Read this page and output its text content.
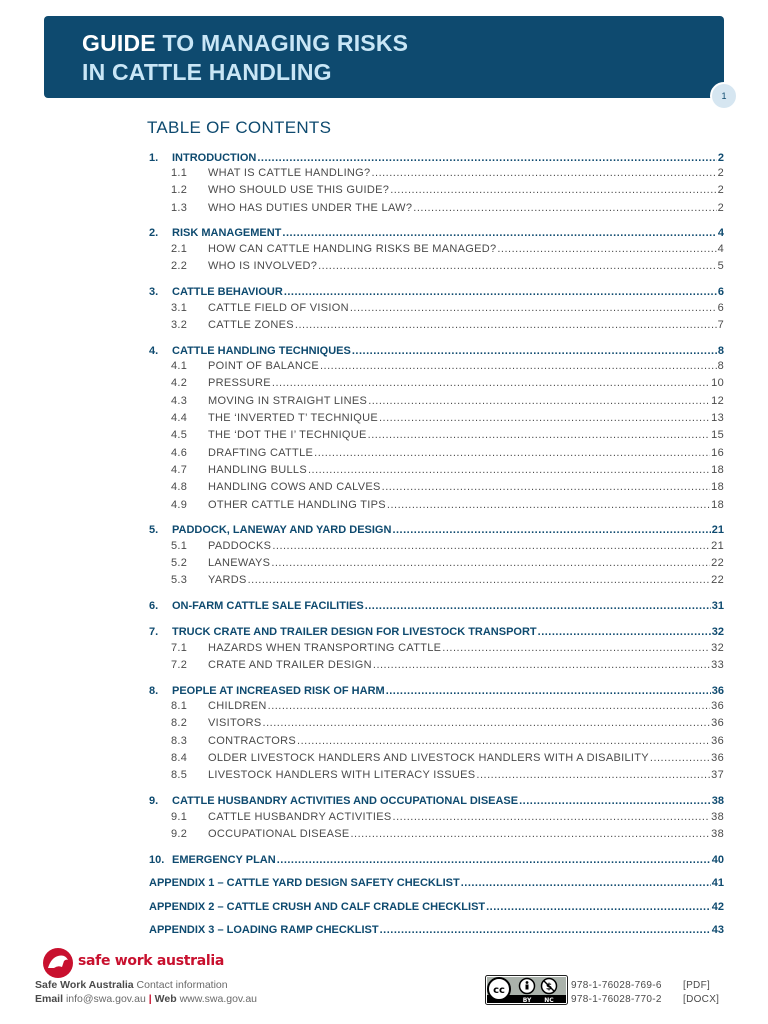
GUIDE TO MANAGING RISKS
IN CATTLE HANDLING
1
TABLE OF CONTENTS
1. INTRODUCTION .....	2
1.1 WHAT IS CATTLE HANDLING? .....	2
1.2 WHO SHOULD USE THIS GUIDE? .....	2
1.3 WHO HAS DUTIES UNDER THE LAW? .....	2
2. RISK MANAGEMENT .....	4
2.1 HOW CAN CATTLE HANDLING RISKS BE MANAGED? .....	4
2.2 WHO IS INVOLVED? .....	5
3. CATTLE BEHAVIOUR .....	6
3.1 CATTLE FIELD OF VISION .....	6
3.2 CATTLE ZONES .....	7
4. CATTLE HANDLING TECHNIQUES .....	8
4.1 POINT OF BALANCE .....	8
4.2 PRESSURE .....	10
4.3 MOVING IN STRAIGHT LINES .....	12
4.4 THE ‘INVERTED T’ TECHNIQUE .....	13
4.5 THE ‘DOT THE I’ TECHNIQUE .....	15
4.6 DRAFTING CATTLE .....	16
4.7 HANDLING BULLS .....	18
4.8 HANDLING COWS AND CALVES .....	18
4.9 OTHER CATTLE HANDLING TIPS .....	18
5. PADDOCK, LANEWAY AND YARD DESIGN .....	21
5.1 PADDOCKS .....	21
5.2 LANEWAYS .....	22
5.3 YARDS .....	22
6. ON-FARM CATTLE SALE FACILITIES .....	31
7. TRUCK CRATE AND TRAILER DESIGN FOR LIVESTOCK TRANSPORT .....	32
7.1 HAZARDS WHEN TRANSPORTING CATTLE .....	32
7.2 CRATE AND TRAILER DESIGN .....	33
8. PEOPLE AT INCREASED RISK OF HARM .....	36
8.1 CHILDREN .....	36
8.2 VISITORS .....	36
8.3 CONTRACTORS .....	36
8.4 OLDER LIVESTOCK HANDLERS AND LIVESTOCK HANDLERS WITH A DISABILITY .....	36
8.5 LIVESTOCK HANDLERS WITH LITERACY ISSUES .....	37
9. CATTLE HUSBANDRY ACTIVITIES AND OCCUPATIONAL DISEASE .....	38
9.1 CATTLE HUSBANDRY ACTIVITIES .....	38
9.2 OCCUPATIONAL DISEASE .....	38
10. EMERGENCY PLAN .....	40
APPENDIX 1 – CATTLE YARD DESIGN SAFETY CHECKLIST .....	41
APPENDIX 2 – CATTLE CRUSH AND CALF CRADLE CHECKLIST .....	42
APPENDIX 3 – LOADING RAMP CHECKLIST .....	43
safe work australia
Safe Work Australia Contact information
Email info@swa.gov.au | Web www.swa.gov.au
cc	$
BY NC
978-1-76028-769-6 [PDF]
978-1-76028-770-2 [DOCX]
